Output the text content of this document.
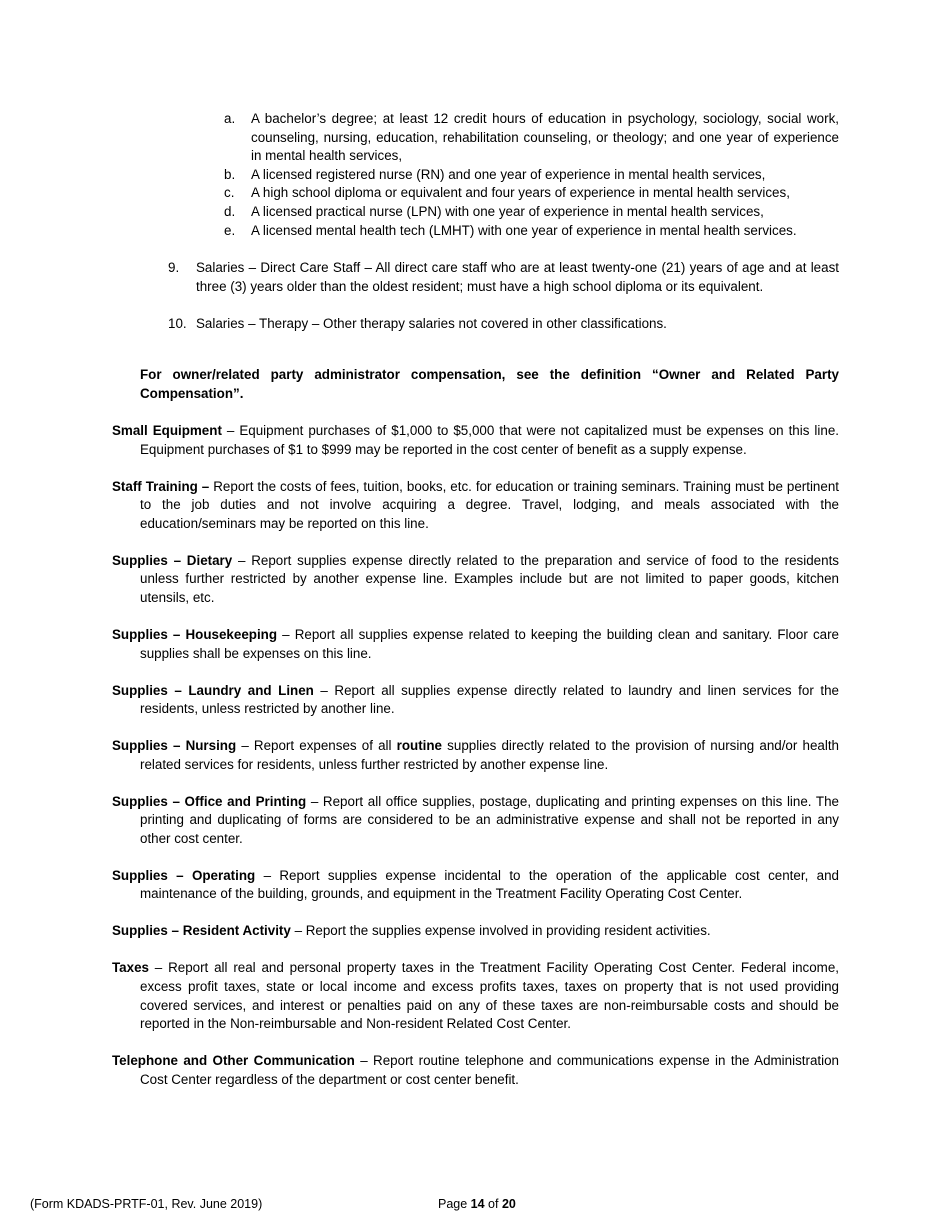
a. A bachelor’s degree; at least 12 credit hours of education in psychology, sociology, social work, counseling, nursing, education, rehabilitation counseling, or theology; and one year of experience in mental health services,
b. A licensed registered nurse (RN) and one year of experience in mental health services,
c. A high school diploma or equivalent and four years of experience in mental health services,
d. A licensed practical nurse (LPN) with one year of experience in mental health services,
e. A licensed mental health tech (LMHT) with one year of experience in mental health services.
9.	Salaries – Direct Care Staff – All direct care staff who are at least twenty-one (21) years of age and at least three (3) years older than the oldest resident; must have a high school diploma or its equivalent.
10. Salaries – Therapy – Other therapy salaries not covered in other classifications.
For owner/related party administrator compensation, see the definition “Owner and Related Party Compensation”.

Small Equipment – Equipment purchases of $1,000 to $5,000 that were not capitalized must be expenses on this line. Equipment purchases of $1 to $999 may be reported in the cost center of benefit as a supply expense.

Staff Training – Report the costs of fees, tuition, books, etc. for education or training seminars. Training must be pertinent to the job duties and not involve acquiring a degree. Travel, lodging, and meals associated with the education/seminars may be reported on this line.

Supplies – Dietary – Report supplies expense directly related to the preparation and service of food to the residents unless further restricted by another expense line. Examples include but are not limited to paper goods, kitchen utensils, etc.

Supplies – Housekeeping – Report all supplies expense related to keeping the building clean and sanitary. Floor care supplies shall be expenses on this line.

Supplies – Laundry and Linen – Report all supplies expense directly related to laundry and linen services for the residents, unless restricted by another line.

Supplies – Nursing – Report expenses of all routine supplies directly related to the provision of nursing and/or health related services for residents, unless further restricted by another expense line.

Supplies – Office and Printing – Report all office supplies, postage, duplicating and printing expenses on this line. The printing and duplicating of forms are considered to be an administrative expense and shall not be reported in any other cost center.

Supplies – Operating – Report supplies expense incidental to the operation of the applicable cost center, and maintenance of the building, grounds, and equipment in the Treatment Facility Operating Cost Center.

Supplies – Resident Activity – Report the supplies expense involved in providing resident activities.

Taxes – Report all real and personal property taxes in the Treatment Facility Operating Cost Center. Federal income, excess profit taxes, state or local income and excess profits taxes, taxes on property that is not used providing covered services, and interest or penalties paid on any of these taxes are non-reimbursable costs and should be reported in the Non-reimbursable and Non-resident Related Cost Center.

Telephone and Other Communication – Report routine telephone and communications expense in the Administration Cost Center regardless of the department or cost center benefit.

(Form KDADS-PRTF-01, Rev. June 2019)	Page 14 of 20
